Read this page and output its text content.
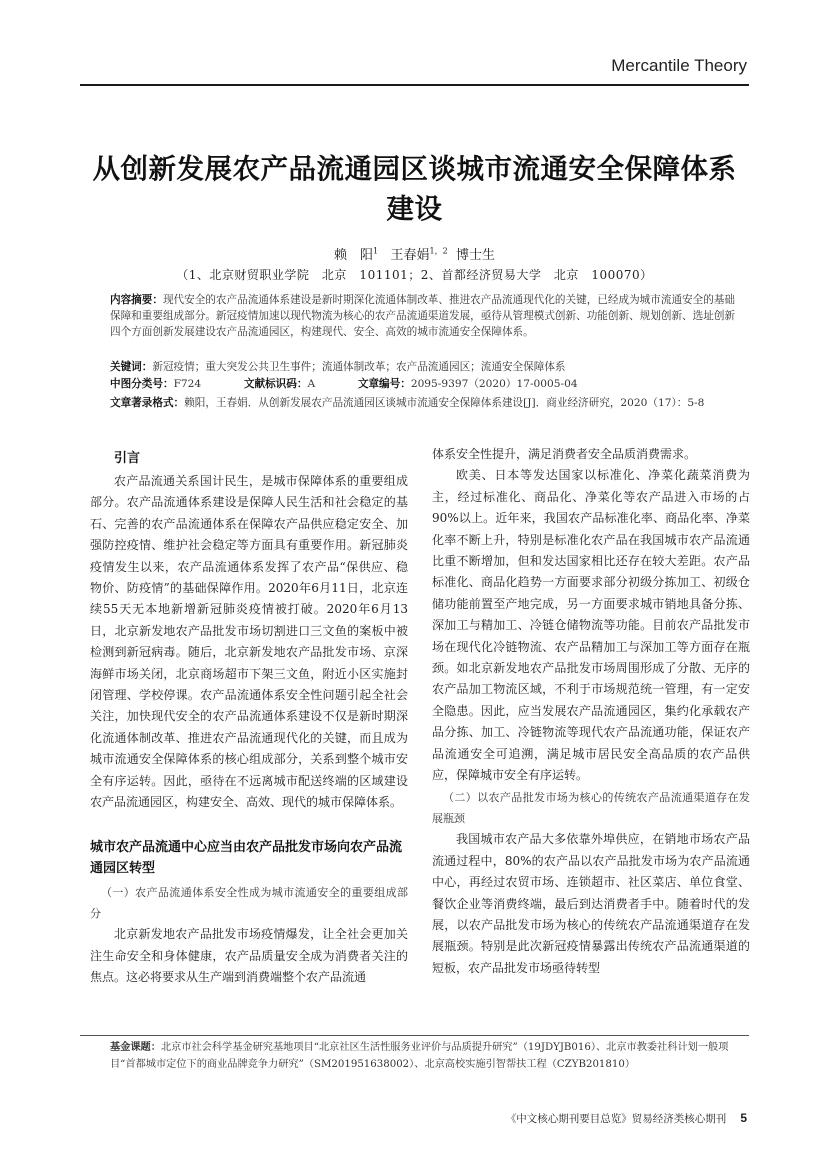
Mercantile Theory
从创新发展农产品流通园区谈城市流通安全保障体系建设
赖　阳$^1$ 王春娟$^{1,2}$ 博士生
（1、北京财贸职业学院　北京　101101；2、首都经济贸易大学　北京　100070）
内容摘要：现代安全的农产品流通体系建设是新时期深化流通体制改革、推进农产品流通现代化的关键，已经成为城市流通安全的基础保障和重要组成部分。新冠疫情加速以现代物流为核心的农产品流通渠道发展，亟待从管理模式创新、功能创新、规划创新、选址创新四个方面创新发展建设农产品流通园区，构建现代、安全、高效的城市流通安全保障体系。
关键词：新冠疫情；重大突发公共卫生事件；流通体制改革；农产品流通园区；流通安全保障体系
中图分类号：F724	文献标识码：A	文章编号：2095-9397（2020）17-0005-04
文章著录格式：赖阳，王春娟．从创新发展农产品流通园区谈城市流通安全保障体系建设[J]．商业经济研究，2020（17）：5-8
引言

农产品流通关系国计民生，是城市保障体系的重要组成部分。农产品流通体系建设是保障人民生活和社会稳定的基石、完善的农产品流通体系在保障农产品供应稳定安全、加强防控疫情、维护社会稳定等方面具有重要作用。新冠肺炎疫情发生以来，农产品流通体系发挥了农产品“保供应、稳物价、防疫情”的基础保障作用。2020年6月11日，北京连续55天无本地新增新冠肺炎疫情被打破。2020年6月13日，北京新发地农产品批发市场切割进口三文鱼的案板中被检测到新冠病毒。随后，北京新发地农产品批发市场、京深海鲜市场关闭，北京商场超市下架三文鱼，附近小区实施封闭管理、学校停课。农产品流通体系安全性问题引起全社会关注，加快现代安全的农产品流通体系建设不仅是新时期深化流通体制改革、推进农产品流通现代化的关键，而且成为城市流通安全保障体系的核心组成部分，关系到整个城市安全有序运转。因此，亟待在不远离城市配送终端的区域建设农产品流通园区，构建安全、高效、现代的城市保障体系。

城市农产品流通中心应当由农产品批发市场向农产品流通园区转型

（一）农产品流通体系安全性成为城市流通安全的重要组成部分

北京新发地农产品批发市场疫情爆发，让全社会更加关注生命安全和身体健康，农产品质量安全成为消费者关注的焦点。这必将要求从生产端到消费端整个农产品流通

体系安全性提升，满足消费者安全品质消费需求。

欧美、日本等发达国家以标准化、净菜化蔬菜消费为主，经过标准化、商品化、净菜化等农产品进入市场的占90%以上。近年来，我国农产品标准化率、商品化率、净菜化率不断上升，特别是标准化农产品在我国城市农产品流通比重不断增加，但和发达国家相比还存在较大差距。农产品标准化、商品化趋势一方面要求部分初级分拣加工、初级仓储功能前置至产地完成，另一方面要求城市销地具备分拣、深加工与精加工、冷链仓储物流等功能。目前农产品批发市场在现代化冷链物流、农产品精加工与深加工等方面存在瓶颈。如北京新发地农产品批发市场周围形成了分散、无序的农产品加工物流区域，不利于市场规范统一管理，有一定安全隐患。因此，应当发展农产品流通园区，集约化承载农产品分拣、加工、冷链物流等现代农产品流通功能，保证农产品流通安全可追溯，满足城市居民安全高品质的农产品供应，保障城市安全有序运转。

（二）以农产品批发市场为核心的传统农产品流通渠道存在发展瓶颈

我国城市农产品大多依靠外埠供应，在销地市场农产品流通过程中，80%的农产品以农产品批发市场为农产品流通中心，再经过农贸市场、连锁超市、社区菜店、单位食堂、餐饮企业等消费终端，最后到达消费者手中。随着时代的发展，以农产品批发市场为核心的传统农产品流通渠道存在发展瓶颈。特别是此次新冠疫情暴露出传统农产品流通渠道的短板，农产品批发市场亟待转型

基金课题：北京市社会科学基金研究基地项目“北京社区生活性服务业评价与品质提升研究”（19JDYJB016）、北京市教委社科计划一般项目“首都城市定位下的商业品牌竞争力研究”（SM201951638002）、北京高校实施引智帮扶工程（CZYB201810）
《中文核心期刊要目总览》贸易经济类核心期刊 5
